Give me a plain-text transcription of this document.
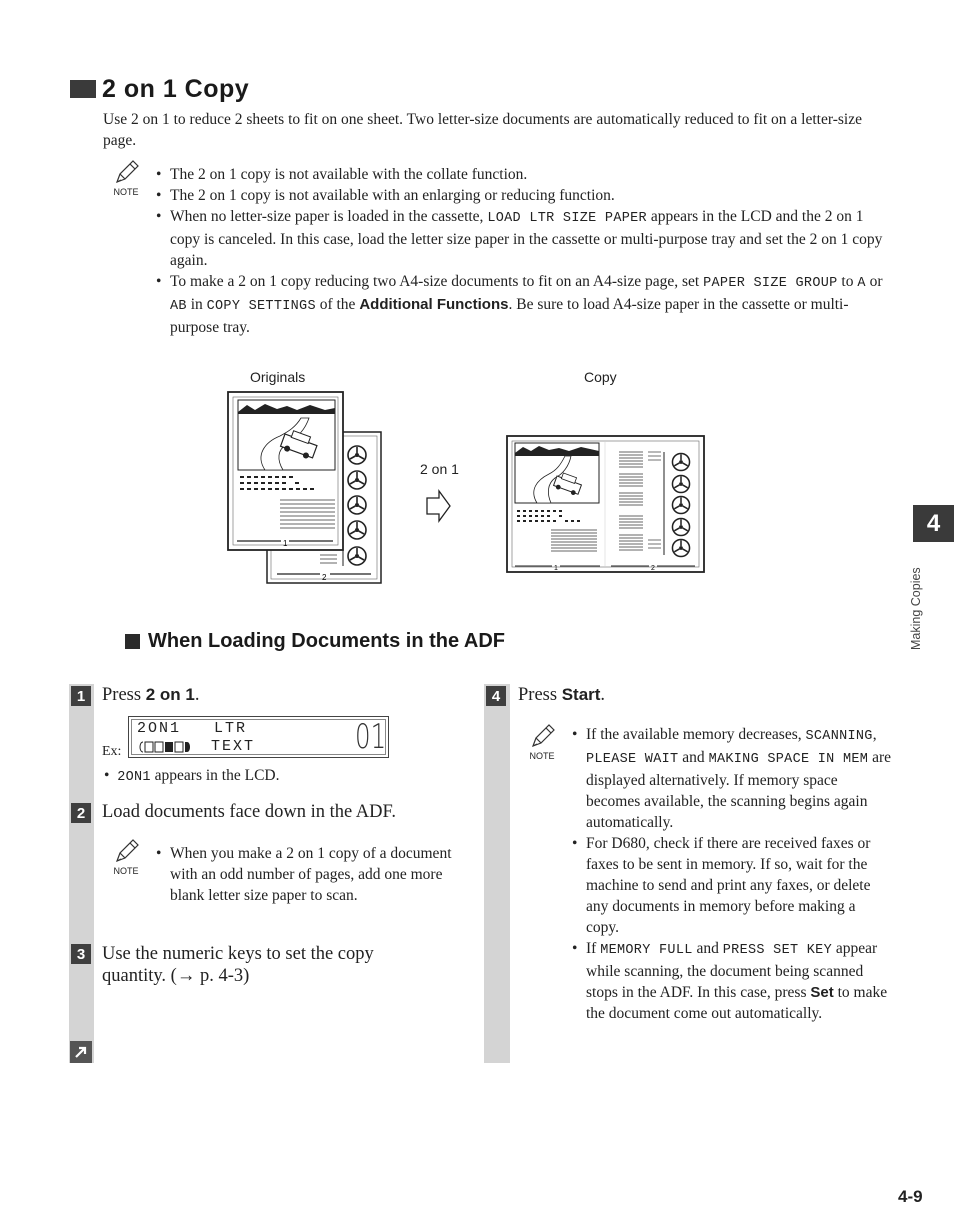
2 on 1 Copy
Use 2 on 1 to reduce 2 sheets to fit on one sheet. Two letter-size documents are automatically reduced to fit on a letter-size page.
NOTE
• The 2 on 1 copy is not available with the collate function.
• The 2 on 1 copy is not available with an enlarging or reducing function.
• When no letter-size paper is loaded in the cassette, LOAD LTR SIZE PAPER appears in the LCD and the 2 on 1 copy is canceled. In this case, load the letter size paper in the cassette or multi-purpose tray and set the 2 on 1 copy again.
• To make a 2 on 1 copy reducing two A4-size documents to fit on an A4-size page, set PAPER SIZE GROUP to A or AB in COPY SETTINGS of the Additional Functions. Be sure to load A4-size paper in the cassette or multi-purpose tray.
Originals	Copy
2 on 1
2
1
1	2
4
Making Copies
When Loading Documents in the ADF
1 Press 2 on 1.
Ex:
2ON1   LTR
TEXT	01
•  2ON1 appears in the LCD.
2 Load documents face down in the ADF.
NOTE
• When you make a 2 on 1 copy of a document with an odd number of pages, add one more blank letter size paper to scan.
3 Use the numeric keys to set the copy quantity. (→ p. 4-3)
4 Press Start.
NOTE
• If the available memory decreases, SCANNING, PLEASE WAIT and MAKING SPACE IN MEM are displayed alternatively. If memory space becomes available, the scanning begins again automatically.
• For D680, check if there are received faxes or faxes to be sent in memory. If so, wait for the machine to send and print any faxes, or delete any documents in memory before making a copy.
• If MEMORY FULL and PRESS SET KEY appear while scanning, the document being scanned stops in the ADF. In this case, press Set to make the document come out automatically.
4-9
